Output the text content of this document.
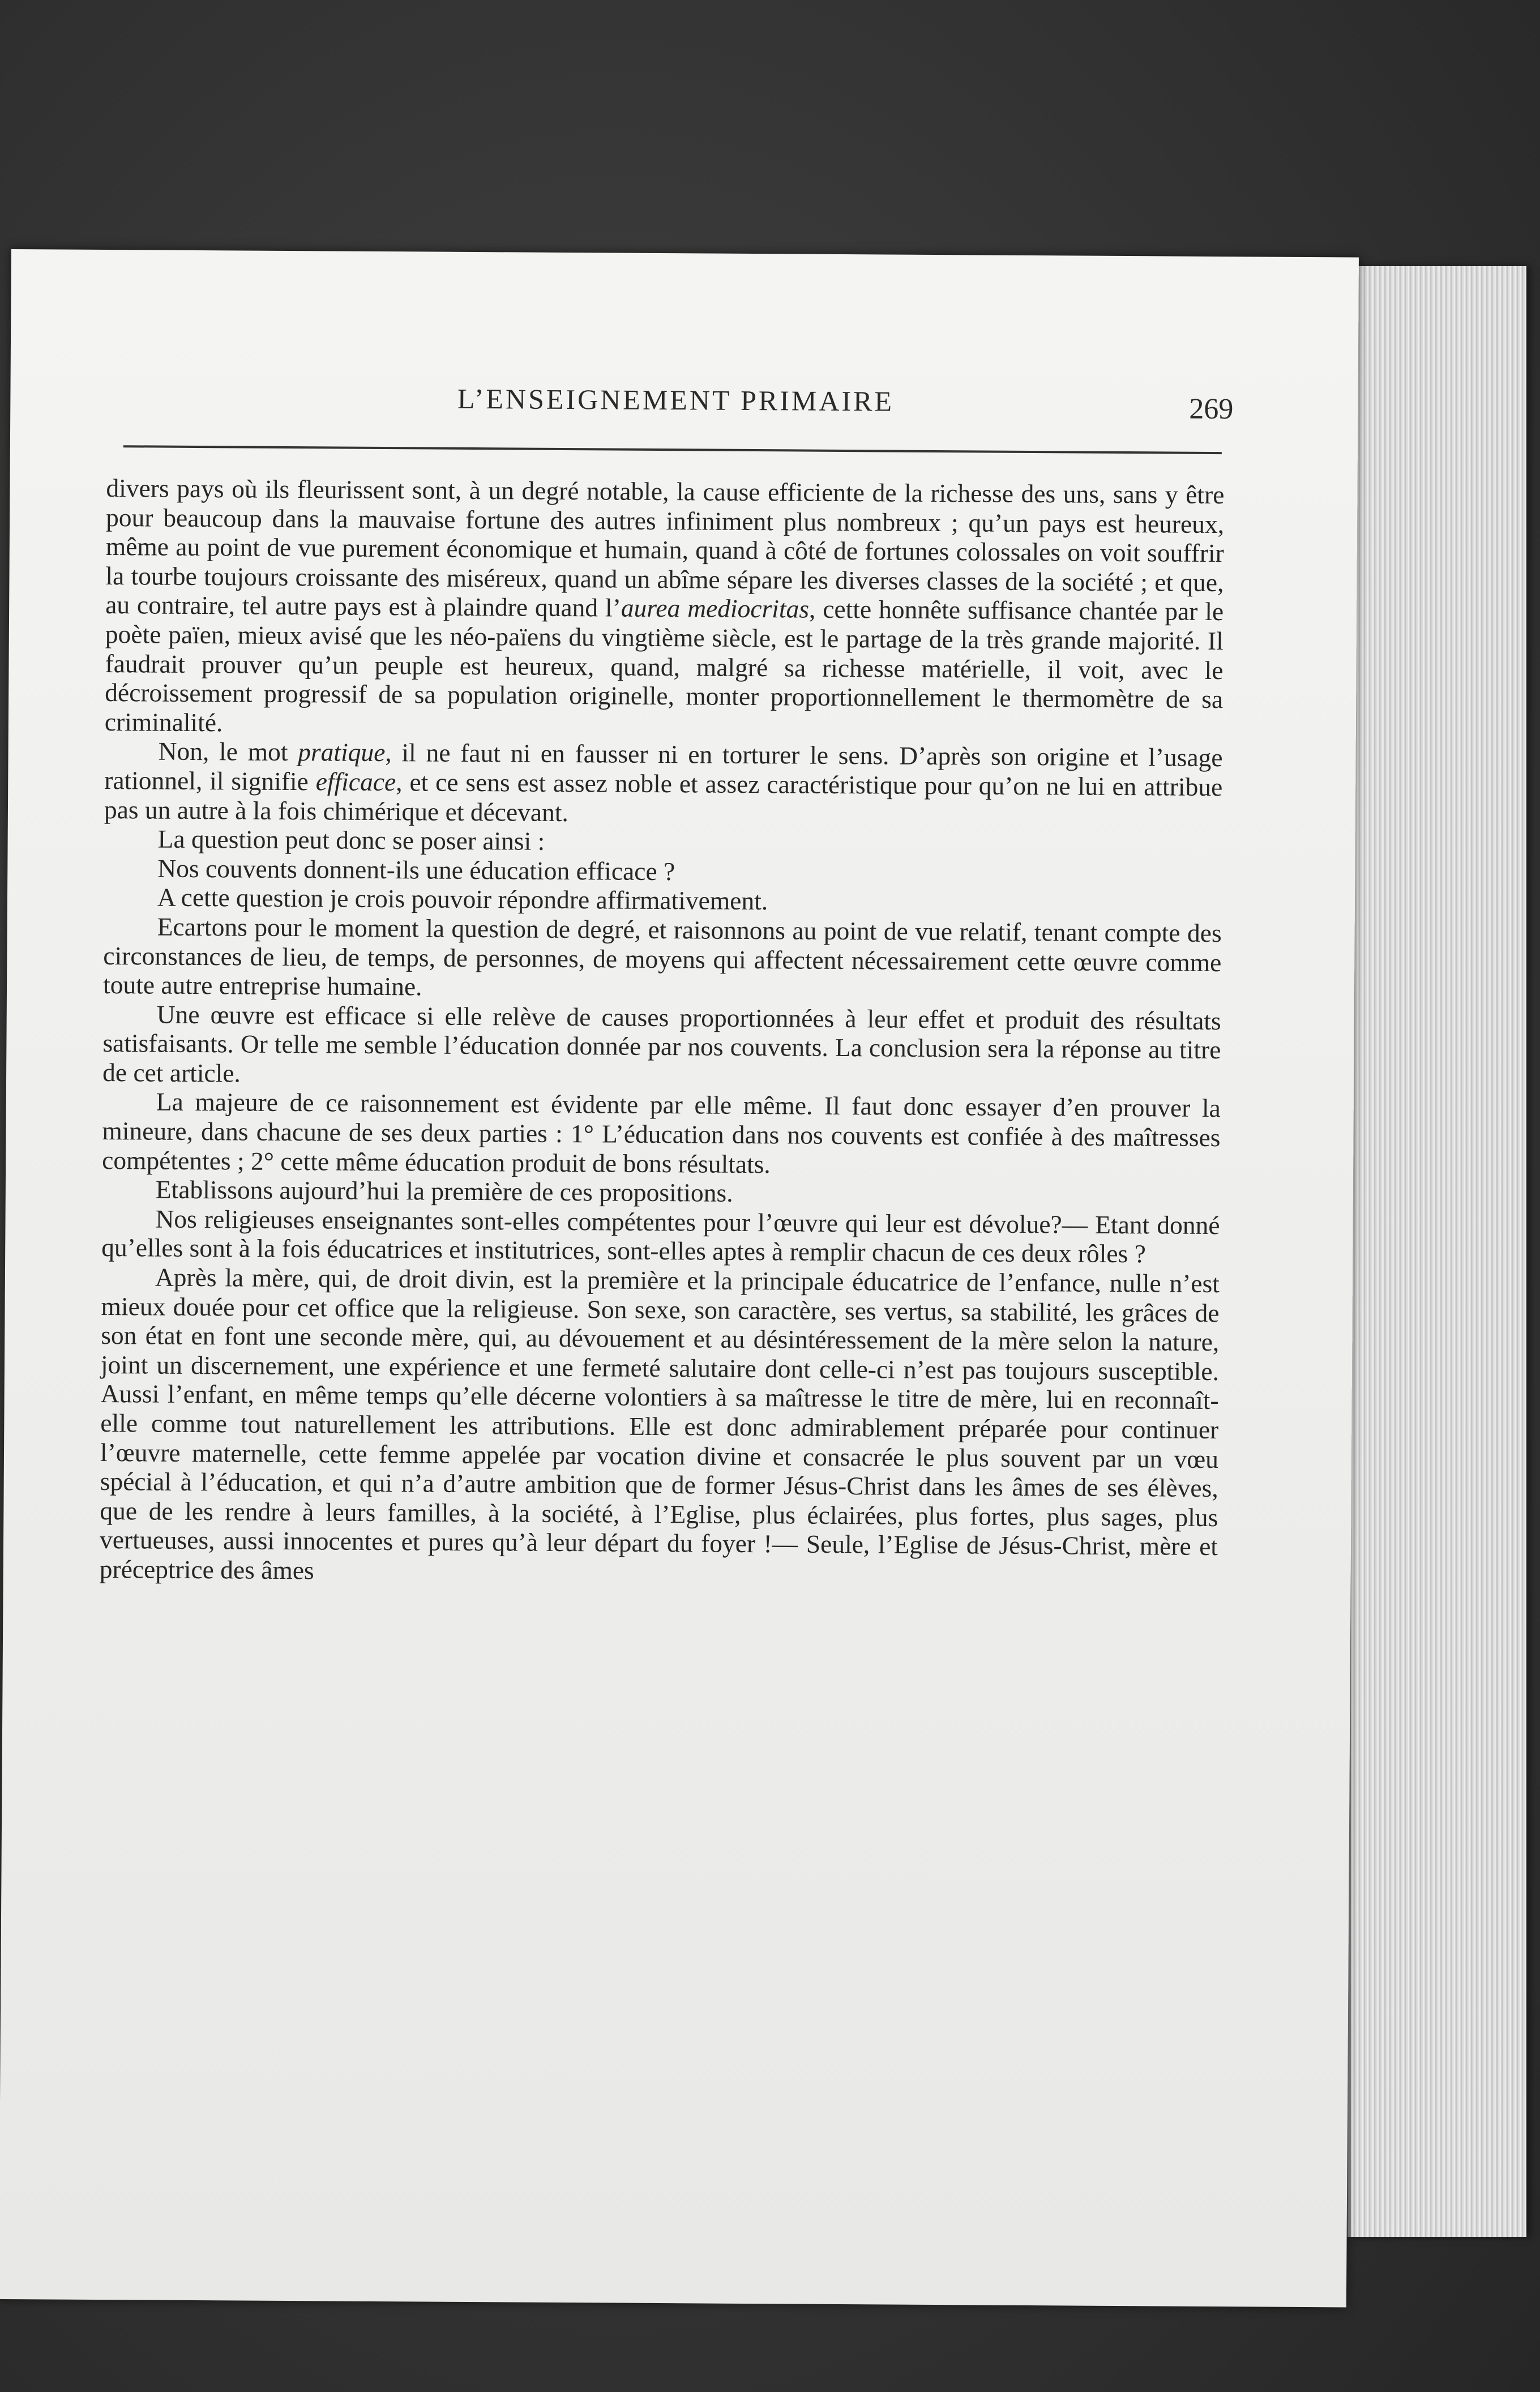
L’ENSEIGNEMENT PRIMAIRE	269

divers pays où ils fleurissent sont, à un degré notable, la cause efficiente de la richesse des uns, sans y être pour beaucoup dans la mauvaise fortune des autres infiniment plus nombreux ; qu’un pays est heureux, même au point de vue purement économique et humain, quand à côté de fortunes colossales on voit souffrir la tourbe toujours croissante des miséreux, quand un abîme sépare les diverses classes de la société ; et que, au contraire, tel autre pays est à plaindre quand l’aurea mediocritas, cette honnête suffisance chantée par le poète païen, mieux avisé que les néo-païens du vingtième siècle, est le partage de la très grande majorité. Il faudrait prouver qu’un peuple est heureux, quand, malgré sa richesse matérielle, il voit, avec le décroissement progressif de sa population originelle, monter proportionnellement le thermomètre de sa criminalité.

Non, le mot pratique, il ne faut ni en fausser ni en torturer le sens. D’après son origine et l’usage rationnel, il signifie efficace, et ce sens est assez noble et assez caractéristique pour qu’on ne lui en attribue pas un autre à la fois chimérique et décevant.

La question peut donc se poser ainsi :

Nos couvents donnent-ils une éducation efficace ?

A cette question je crois pouvoir répondre affirmativement.

Ecartons pour le moment la question de degré, et raisonnons au point de vue relatif, tenant compte des circonstances de lieu, de temps, de personnes, de moyens qui affectent nécessairement cette œuvre comme toute autre entreprise humaine.

Une œuvre est efficace si elle relève de causes proportionnées à leur effet et produit des résultats satisfaisants. Or telle me semble l’éducation donnée par nos couvents. La conclusion sera la réponse au titre de cet article.

La majeure de ce raisonnement est évidente par elle même. Il faut donc essayer d’en prouver la mineure, dans chacune de ses deux parties : 1° L’éducation dans nos couvents est confiée à des maîtresses compétentes ; 2° cette même éducation produit de bons résultats.

Etablissons aujourd’hui la première de ces propositions.

Nos religieuses enseignantes sont-elles compétentes pour l’œuvre qui leur est dévolue?— Etant donné qu’elles sont à la fois éducatrices et institutrices, sont-elles aptes à remplir chacun de ces deux rôles ?

Après la mère, qui, de droit divin, est la première et la principale éducatrice de l’enfance, nulle n’est mieux douée pour cet office que la religieuse. Son sexe, son caractère, ses vertus, sa stabilité, les grâces de son état en font une seconde mère, qui, au dévouement et au désintéressement de la mère selon la nature, joint un discernement, une expérience et une fermeté salutaire dont celle-ci n’est pas toujours susceptible. Aussi l’enfant, en même temps qu’elle décerne volontiers à sa maîtresse le titre de mère, lui en reconnaît-elle comme tout naturellement les attributions. Elle est donc admirablement préparée pour continuer l’œuvre maternelle, cette femme appelée par vocation divine et consacrée le plus souvent par un vœu spécial à l’éducation, et qui n’a d’autre ambition que de former Jésus-Christ dans les âmes de ses élèves, que de les rendre à leurs familles, à la société, à l’Eglise, plus éclairées, plus fortes, plus sages, plus vertueuses, aussi innocentes et pures qu’à leur départ du foyer !— Seule, l’Eglise de Jésus-Christ, mère et préceptrice des âmes
